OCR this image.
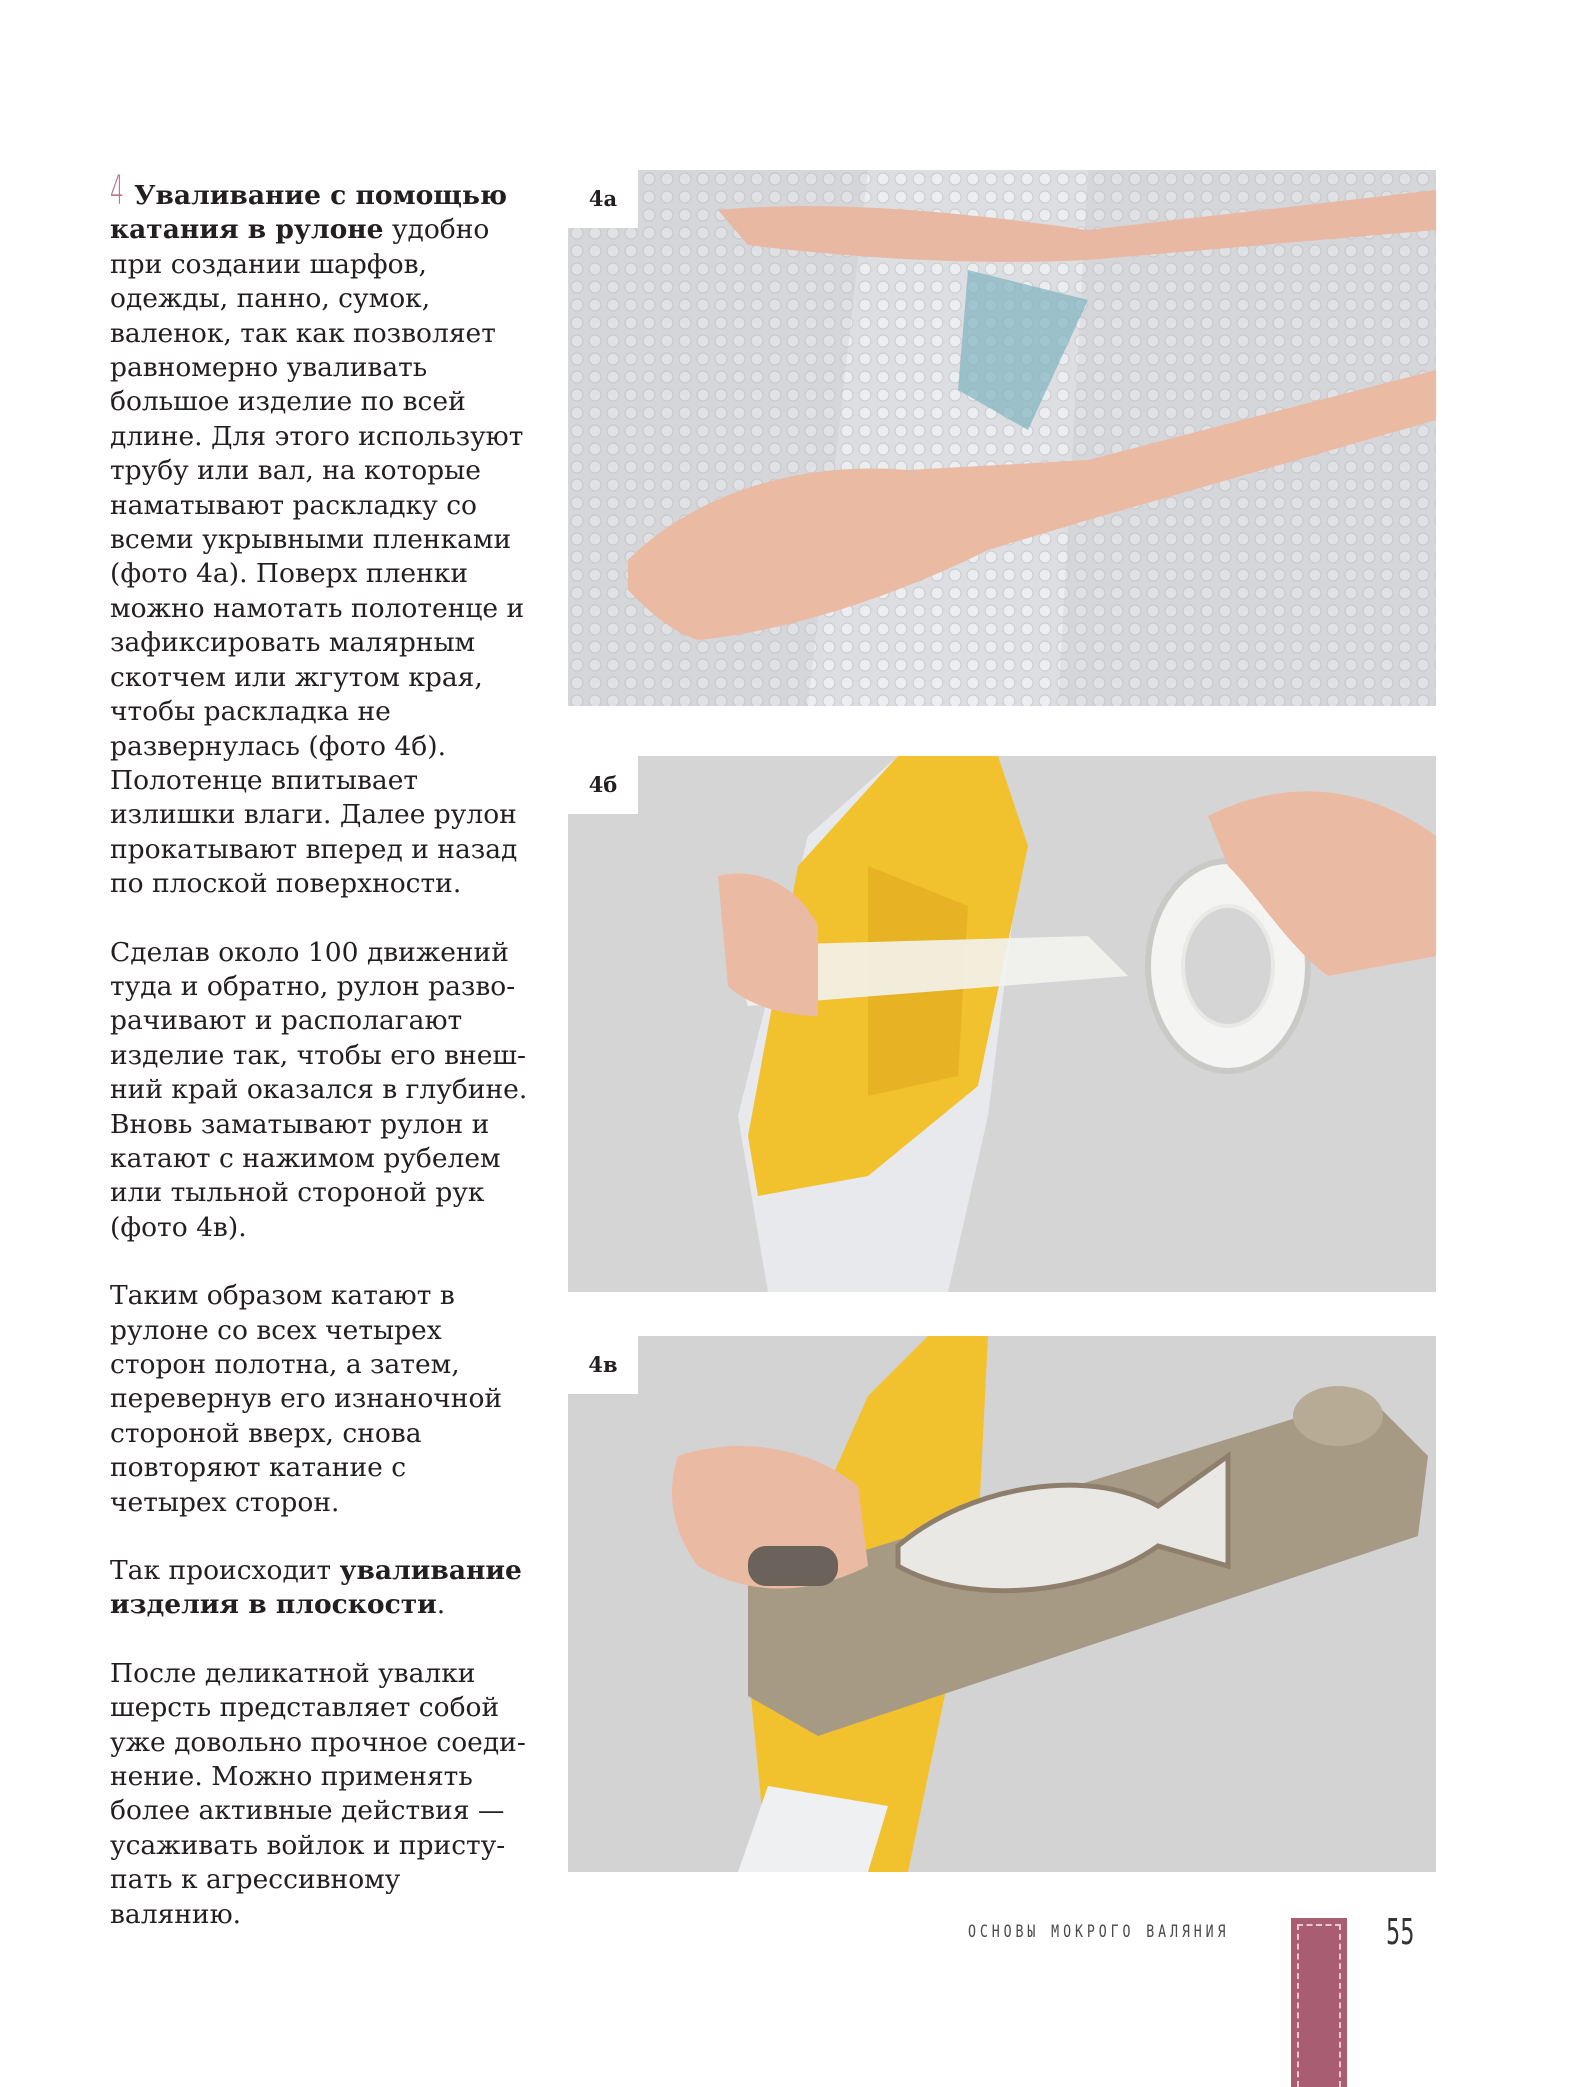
4 Уваливание с помощью катания в рулоне удобно при создании шарфов, одежды, панно, сумок, валенок, так как позволяет равномерно уваливать большое изделие по всей длине. Для этого используют трубу или вал, на которые наматывают раскладку со всеми укрывными пленками (фото 4а). Поверх пленки можно намотать полотенце и зафиксировать малярным скотчем или жгутом края, чтобы раскладка не развернулась (фото 4б). Полотенце впитывает излишки влаги. Далее рулон прокатывают вперед и назад по плоской поверхности.

Сделав около 100 движений туда и обратно, рулон разворачивают и располагают изделие так, чтобы его внешний край оказался в глубине. Вновь заматывают рулон и катают с нажимом рубелем или тыльной стороной рук (фото 4в).

Таким образом катают в рулоне со всех четырех сторон полотна, а затем, перевернув его изнаночной стороной вверх, снова повторяют катание с четырех сторон.

Так происходит уваливание изделия в плоскости.

После деликатной увалки шерсть представляет собой уже довольно прочное соединение. Можно применять более активные действия — усаживать войлок и приступать к агрессивному валянию.

4а
4б
4в
ОСНОВЫ МОКРОГО ВАЛЯНИЯ	55
